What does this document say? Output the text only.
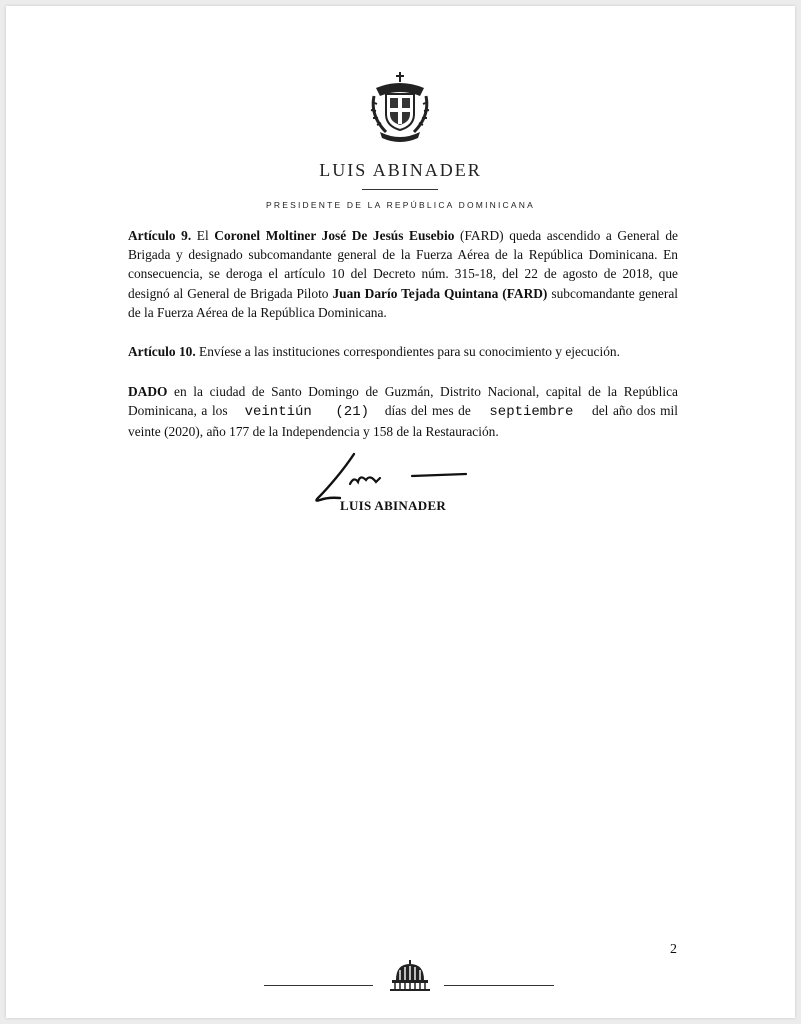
LUIS ABINADER
PRESIDENTE DE LA REPÚBLICA DOMINICANA
Artículo 9. El Coronel Moltiner José De Jesús Eusebio (FARD) queda ascendido a General de Brigada y designado subcomandante general de la Fuerza Aérea de la República Dominicana. En consecuencia, se deroga el artículo 10 del Decreto núm. 315-18, del 22 de agosto de 2018, que designó al General de Brigada Piloto Juan Darío Tejada Quintana (FARD) subcomandante general de la Fuerza Aérea de la República Dominicana.
Artículo 10. Envíese a las instituciones correspondientes para su conocimiento y ejecución.
DADO en la ciudad de Santo Domingo de Guzmán, Distrito Nacional, capital de la República Dominicana, a los veintiún (21) días del mes de septiembre del año dos mil veinte (2020), año 177 de la Independencia y 158 de la Restauración.
LUIS ABINADER
2
